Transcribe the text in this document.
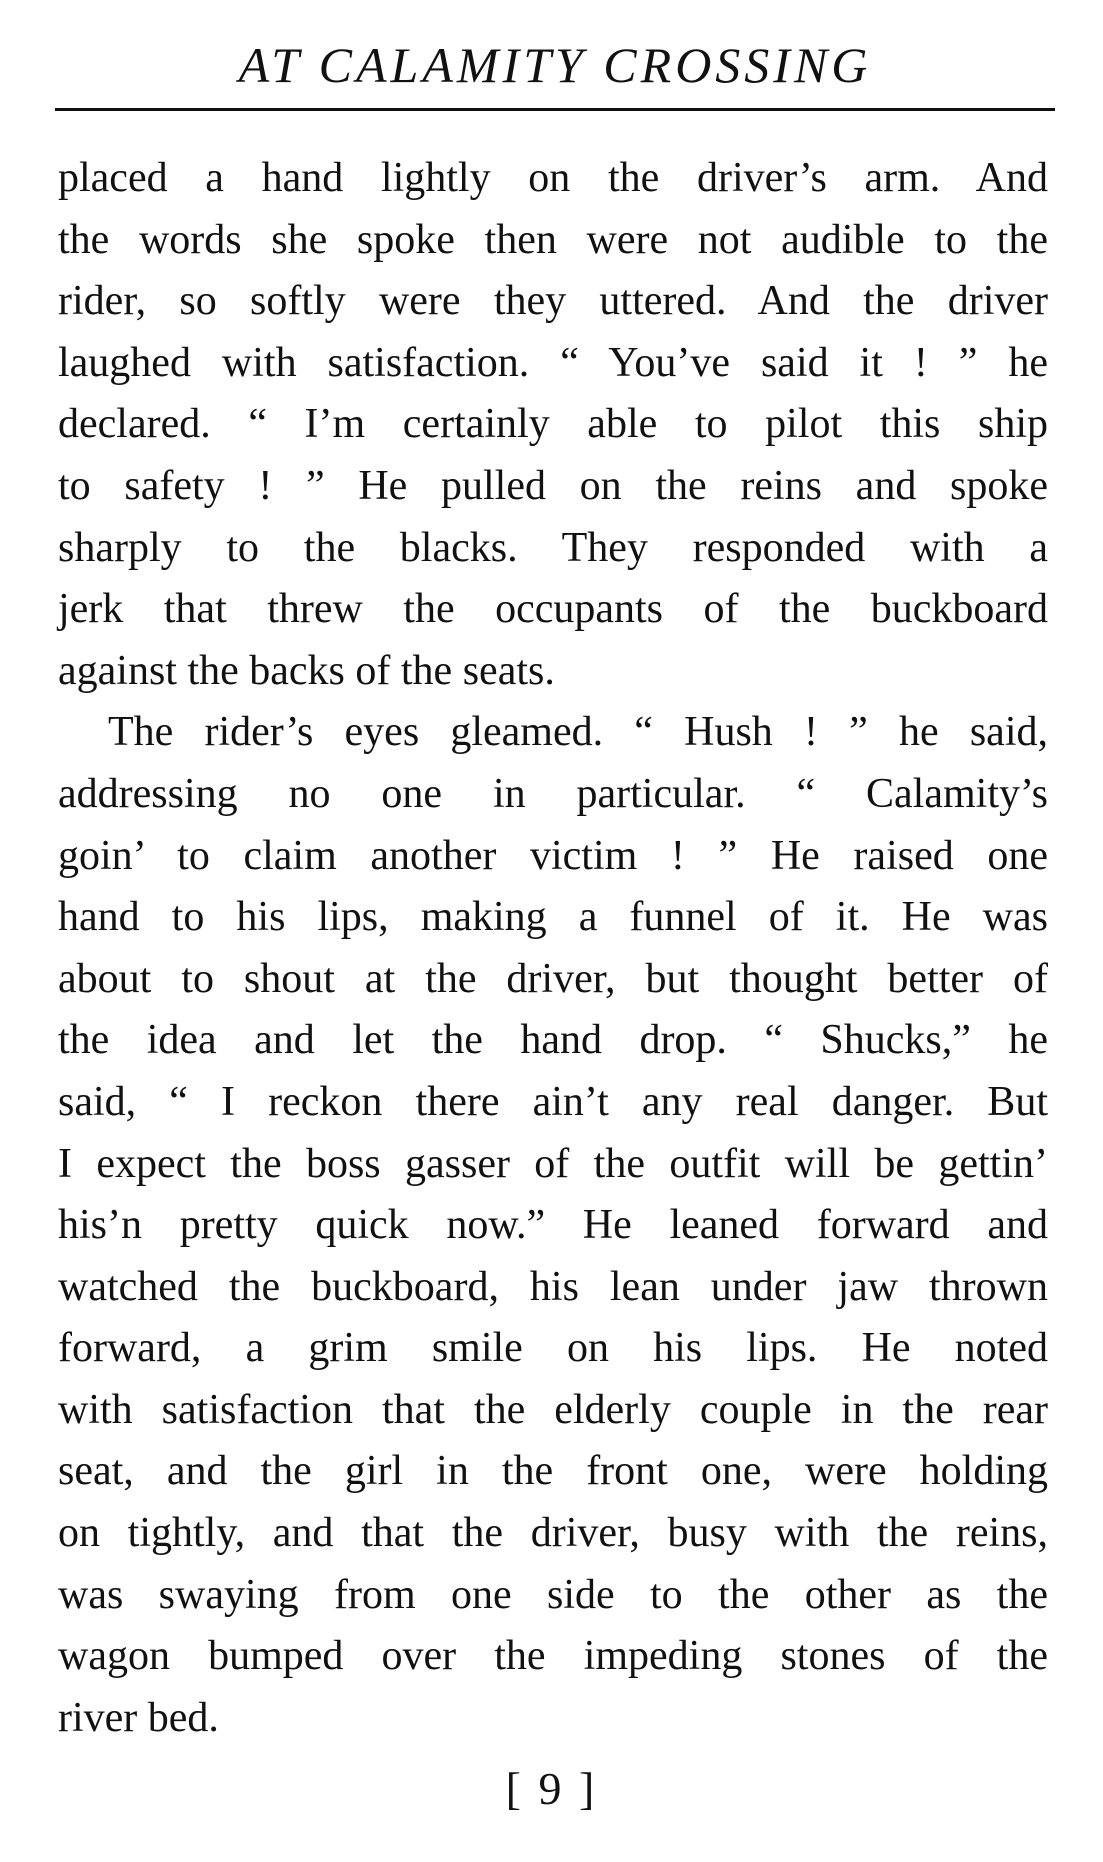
AT CALAMITY CROSSING
placed a hand lightly on the driver’s arm. And
the words she spoke then were not audible to the
rider, so softly were they uttered. And the driver
laughed with satisfaction. “ You’ve said it ! ” he
declared. “ I’m certainly able to pilot this ship
to safety ! ” He pulled on the reins and spoke
sharply to the blacks. They responded with a
jerk that threw the occupants of the buckboard
against the backs of the seats.
The rider’s eyes gleamed. “ Hush ! ” he said,
addressing no one in particular. “ Calamity’s
goin’ to claim another victim ! ” He raised one
hand to his lips, making a funnel of it. He was
about to shout at the driver, but thought better of
the idea and let the hand drop. “ Shucks,” he
said, “ I reckon there ain’t any real danger. But
I expect the boss gasser of the outfit will be gettin’
his’n pretty quick now.” He leaned forward and
watched the buckboard, his lean under jaw thrown
forward, a grim smile on his lips. He noted
with satisfaction that the elderly couple in the rear
seat, and the girl in the front one, were holding
on tightly, and that the driver, busy with the reins,
was swaying from one side to the other as the
wagon bumped over the impeding stones of the
river bed.
[ 9 ]
